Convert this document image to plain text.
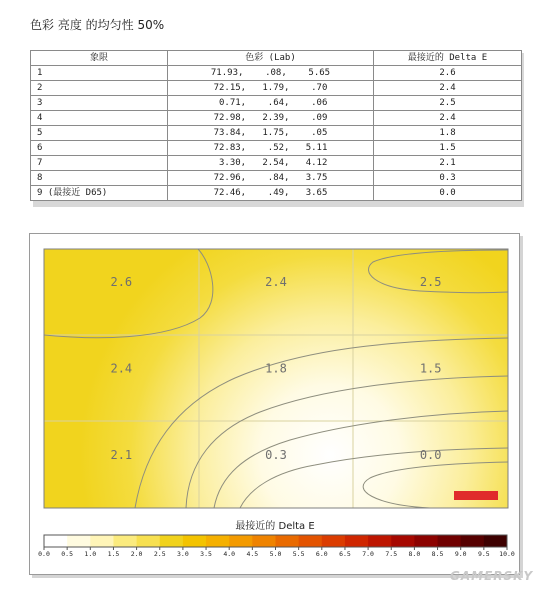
色彩 亮度 的均匀性 50%
象限	色彩 (Lab)	最接近的 Delta E
1	71.93,    .08,    5.65	2.6
2	72.15,   1.79,    .70	2.4
3	0.71,    .64,    .06	2.5
4	72.98,   2.39,    .09	2.4
5	73.84,   1.75,    .05	1.8
6	72.83,    .52,   5.11	1.5
7	3.30,   2.54,   4.12	2.1
8	72.96,    .84,   3.75	0.3
9 (最接近 D65)	72.46,    .49,   3.65	0.0
2.6	2.4	2.5
2.4	1.8	1.5
2.1	0.3	0.0
最接近的 Delta E
0.0 0.5 1.0 1.5 2.0 2.5 3.0 3.5 4.0 4.5 5.0 5.5 6.0 6.5 7.0 7.5 8.0 8.5 9.0 9.5 10.0
GAMERSKY
